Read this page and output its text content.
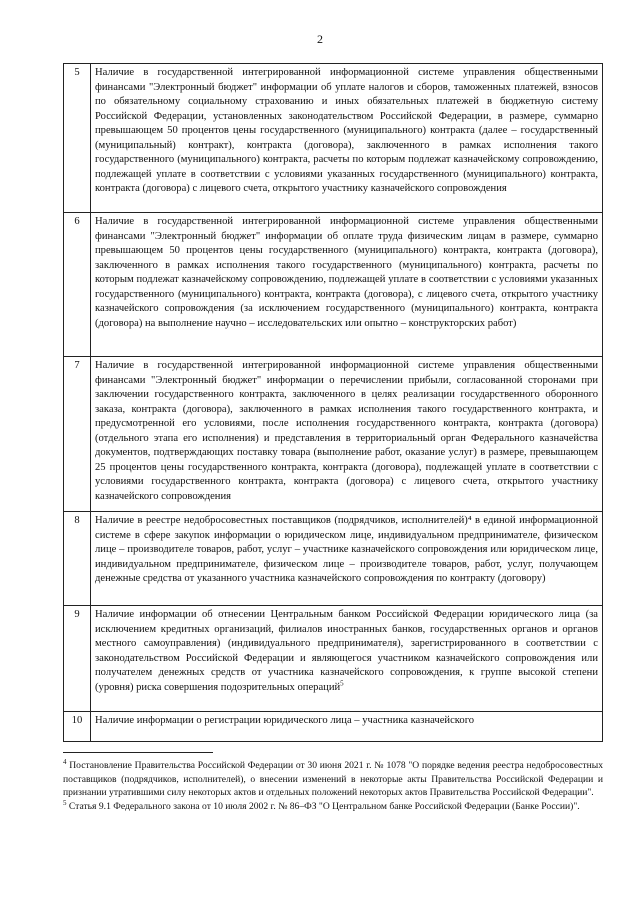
2
5	Наличие в государственной интегрированной информационной системе управления общественными финансами "Электронный бюджет" информации об уплате налогов и сборов, таможенных платежей, взносов по обязательному социальному страхованию и иных обязательных платежей в бюджетную систему Российской Федерации, установленных законодательством Российской Федерации, в размере, суммарно превышающем 50 процентов цены государственного (муниципального) контракта (далее – государственный (муниципальный) контракт), контракта (договора), заключенного в рамках исполнения такого государственного (муниципального) контракта, расчеты по которым подлежат казначейскому сопровождению, подлежащей уплате в соответствии с условиями указанных государственного (муниципального) контракта, контракта (договора) с лицевого счета, открытого участнику казначейского сопровождения
6	Наличие в государственной интегрированной информационной системе управления общественными финансами "Электронный бюджет" информации об оплате труда физическим лицам в размере, суммарно превышающем 50 процентов цены государственного (муниципального) контракта, контракта (договора), заключенного в рамках исполнения такого государственного (муниципального) контракта, расчеты по которым подлежат казначейскому сопровождению, подлежащей уплате в соответствии с условиями указанных государственного (муниципального) контракта, контракта (договора), с лицевого счета, открытого участнику казначейского сопровождения (за исключением государственного (муниципального) контракта, контракта (договора) на выполнение научно – исследовательских или опытно – конструкторских работ)
7	Наличие в государственной интегрированной информационной системе управления общественными финансами "Электронный бюджет" информации о перечислении прибыли, согласованной сторонами при заключении государственного контракта, заключенного в целях реализации государственного оборонного заказа, контракта (договора), заключенного в рамках исполнения такого государственного контракта, и предусмотренной его условиями, после исполнения государственного контракта, контракта (договора) (отдельного этапа его исполнения) и представления в территориальный орган Федерального казначейства документов, подтверждающих поставку товара (выполнение работ, оказание услуг) в размере, превышающем 25 процентов цены государственного контракта, контракта (договора), подлежащей уплате в соответствии с условиями государственного контракта, контракта (договора) с лицевого счета, открытого участнику казначейского сопровождения
8	Наличие в реестре недобросовестных поставщиков (подрядчиков, исполнителей)⁴ в единой информационной системе в сфере закупок информации о юридическом лице, индивидуальном предпринимателе, физическом лице – производителе товаров, работ, услуг – участнике казначейского сопровождения или юридическом лице, индивидуальном предпринимателе, физическом лице – производителе товаров, работ, услуг, получающем денежные средства от указанного участника казначейского сопровождения по контракту (договору)
9	Наличие информации об отнесении Центральным банком Российской Федерации юридического лица (за исключением кредитных организаций, филиалов иностранных банков, государственных органов и органов местного самоуправления) (индивидуального предпринимателя), зарегистрированного в соответствии с законодательством Российской Федерации и являющегося участником казначейского сопровождения или получателем денежных средств от участника казначейского сопровождения, к группе высокой степени (уровня) риска совершения подозрительных операций$^5$
10	Наличие информации о регистрации юридического лица – участника казначейского

$^4$ Постановление Правительства Российской Федерации от 30 июня 2021 г. № 1078 "О порядке ведения реестра недобросовестных поставщиков (подрядчиков, исполнителей), о внесении изменений в некоторые акты Правительства Российской Федерации и признании утратившими силу некоторых актов и отдельных положений некоторых актов Правительства Российской Федерации".

$^5$ Статья 9.1 Федерального закона от 10 июля 2002 г. № 86–ФЗ "О Центральном банке Российской Федерации (Банке России)".
